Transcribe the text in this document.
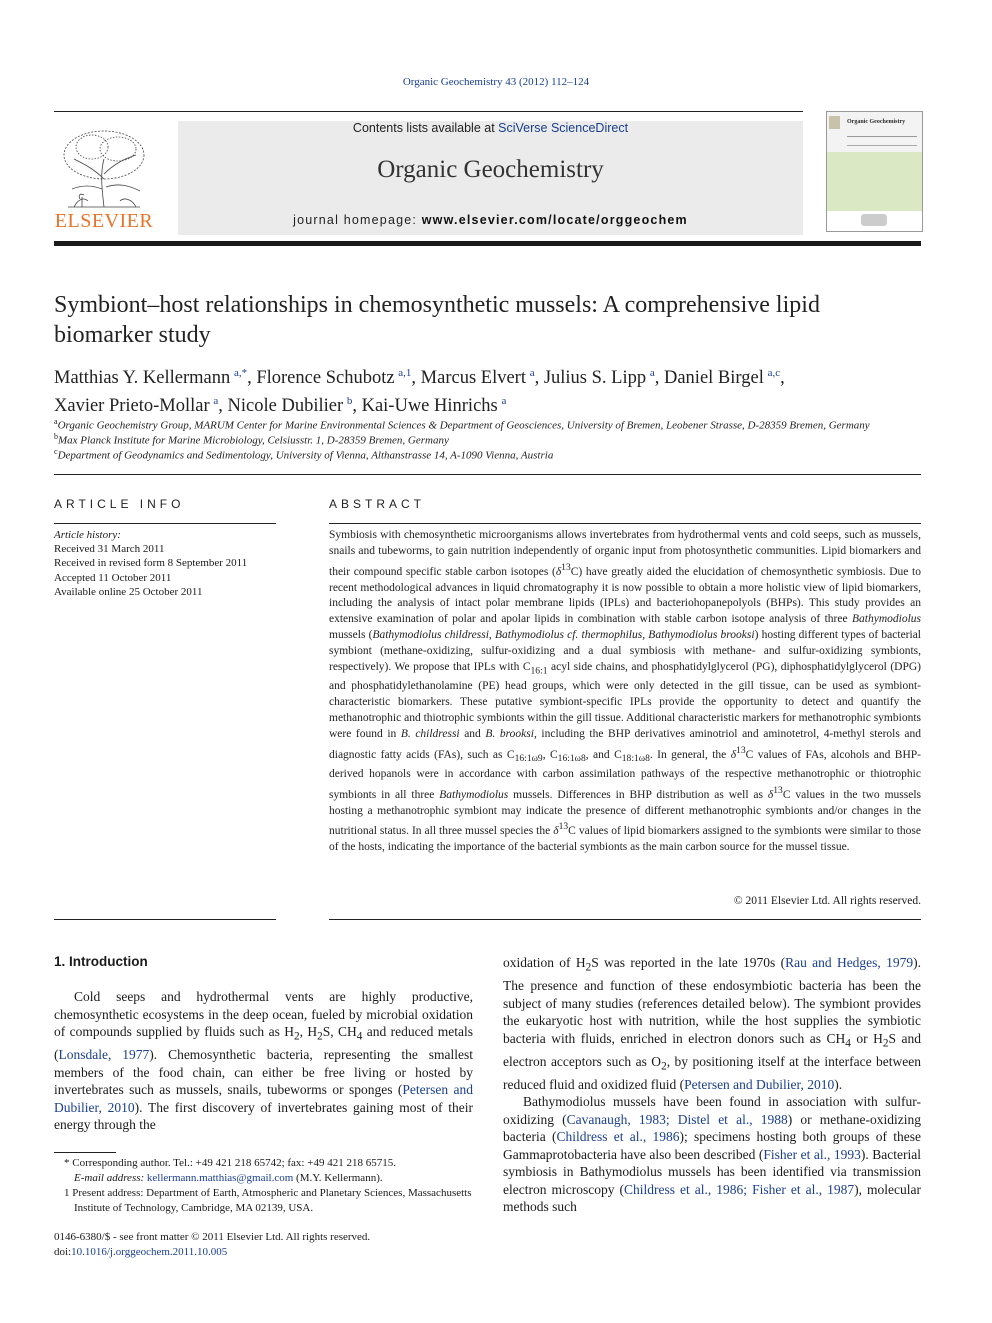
Organic Geochemistry 43 (2012) 112–124
ELSEVIER
Contents lists available at SciVerse ScienceDirect
Organic Geochemistry
journal homepage: www.elsevier.com/locate/orggeochem
Organic Geochemistry
Symbiont–host relationships in chemosynthetic mussels: A comprehensive lipid biomarker study
Matthias Y. Kellermann  $^{a,*}$, Florence Schubotz  $^{a,1}$, Marcus Elvert  $^a$, Julius S. Lipp  $^a$, Daniel Birgel  $^{a,c}$,
Xavier Prieto-Mollar  $^a$, Nicole Dubilier  $^b$, Kai-Uwe Hinrichs  $^a$
$^a$Organic Geochemistry Group, MARUM Center for Marine Environmental Sciences & Department of Geosciences, University of Bremen, Leobener Strasse, D-28359 Bremen, Germany
$^b$Max Planck Institute for Marine Microbiology, Celsiusstr. 1, D-28359 Bremen, Germany
$^c$Department of Geodynamics and Sedimentology, University of Vienna, Althanstrasse 14, A-1090 Vienna, Austria
ARTICLE INFO	ABSTRACT
Article history:
Received 31 March 2011
Received in revised form 8 September 2011
Accepted 11 October 2011
Available online 25 October 2011
Symbiosis with chemosynthetic microorganisms allows invertebrates from hydrothermal vents and cold seeps, such as mussels, snails and tubeworms, to gain nutrition independently of organic input from photosynthetic communities. Lipid biomarkers and their compound specific stable carbon isotopes $(\delta^{13}C)$ have greatly aided the elucidation of chemosynthetic symbiosis. Due to recent methodological advances in liquid chromatography it is now possible to obtain a more holistic view of lipid biomarkers, including the analysis of intact polar membrane lipids (IPLs) and bacteriohopanepolyols (BHPs). This study provides an extensive examination of polar and apolar lipids in combination with stable carbon isotope analysis of three Bathymodiolus mussels (Bathymodiolus childressi, Bathymodiolus cf. thermophilus, Bathymodiolus brooksi) hosting different types of bacterial symbiont (methane-oxidizing, sulfur-oxidizing and a dual symbiosis with methane- and sulfur-oxidizing symbionts, respectively). We propose that IPLs with $C_{16:1}$ acyl side chains, and phosphatidylglycerol (PG), diphosphatidylglycerol (DPG) and phosphatidylethanolamine (PE) head groups, which were only detected in the gill tissue, can be used as symbiont-characteristic biomarkers. These putative symbiont-specific IPLs provide the opportunity to detect and quantify the methanotrophic and thiotrophic symbionts within the gill tissue. Additional characteristic markers for methanotrophic symbionts were found in B. childressi and B. brooksi, including the BHP derivatives aminotriol and aminotetrol, 4-methyl sterols and diagnostic fatty acids (FAs), such as $C_{16:1\omega 9}$, $C_{16:1\omega 8}$, and $C_{18:1\omega 8}$. In general, the $\delta^{13}C$ values of FAs, alcohols and BHP-derived hopanols were in accordance with carbon assimilation pathways of the respective methanotrophic or thiotrophic symbionts in all three Bathymodiolus mussels. Differences in BHP distribution as well as $\delta^{13}C$ values in the two mussels hosting a methanotrophic symbiont may indicate the presence of different methanotrophic symbionts and/or changes in the nutritional status. In all three mussel species the $\delta^{13}C$ values of lipid biomarkers assigned to the symbionts were similar to those of the hosts, indicating the importance of the bacterial symbionts as the main carbon source for the mussel tissue.
© 2011 Elsevier Ltd. All rights reserved.
1. Introduction
Cold seeps and hydrothermal vents are highly productive, chemosynthetic ecosystems in the deep ocean, fueled by microbial oxidation of compounds supplied by fluids such as $H_2$, $H_2S$, $CH_4$ and reduced metals (Lonsdale, 1977). Chemosynthetic bacteria, representing the smallest members of the food chain, can either be free living or hosted by invertebrates such as mussels, snails, tubeworms or sponges (Petersen and Dubilier, 2010). The first discovery of invertebrates gaining most of their energy through the
oxidation of $H_2S$ was reported in the late 1970s (Rau and Hedges, 1979). The presence and function of these endosymbiotic bacteria has been the subject of many studies (references detailed below). The symbiont provides the eukaryotic host with nutrition, while the host supplies the symbiotic bacteria with fluids, enriched in electron donors such as $CH_4$ or $H_2S$ and electron acceptors such as $O_2$, by positioning itself at the interface between reduced fluid and oxidized fluid (Petersen and Dubilier, 2010).
Bathymodiolus mussels have been found in association with sulfur-oxidizing (Cavanaugh, 1983; Distel et al., 1988) or methane-oxidizing bacteria (Childress et al., 1986); specimens hosting both groups of these Gammaprotobacteria have also been described (Fisher et al., 1993). Bacterial symbiosis in Bathymodiolus mussels has been identified via transmission electron microscopy (Childress et al., 1986; Fisher et al., 1987), molecular methods such
* Corresponding author. Tel.: +49 421 218 65742; fax: +49 421 218 65715.
E-mail address: kellermann.matthias@gmail.com (M.Y. Kellermann).
1 Present address: Department of Earth, Atmospheric and Planetary Sciences, Massachusetts Institute of Technology, Cambridge, MA 02139, USA.
0146-6380/$ - see front matter © 2011 Elsevier Ltd. All rights reserved.
doi:10.1016/j.orggeochem.2011.10.005
